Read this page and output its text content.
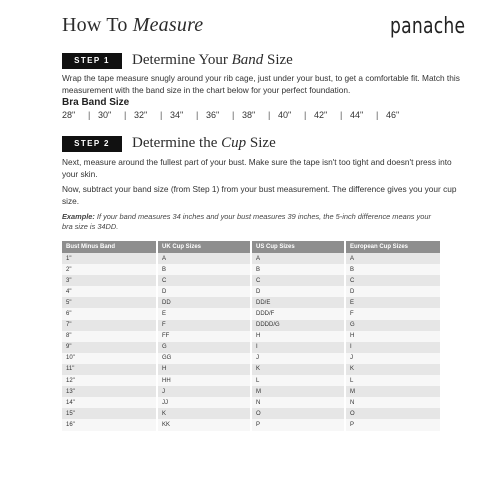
How To Measure	panache
STEP 1	Determine Your Band Size
Wrap the tape measure snugly around your rib cage, just under your bust, to get a comfortable fit. Match this measurement with the band size in the chart below for your perfect foundation.
Bra Band Size
28"	| 30"	| 32"	| 34"	| 36"	| 38"	| 40"	| 42"	| 44"	| 46"
STEP 2	Determine the Cup Size
Next, measure around the fullest part of your bust. Make sure the tape isn't too tight and doesn't press into your skin.
Now, subtract your band size (from Step 1) from your bust measurement. The difference gives you your cup size.
Example: If your band measures 34 inches and your bust measures 39 inches, the 5-inch difference means your bra size is 34DD.
Bust Minus Band	UK Cup Sizes	US Cup Sizes	European Cup Sizes
1"	A	A	A
2"	B	B	B
3"	C	C	C
4"	D	D	D
5"	DD	DD/E	E
6"	E	DDD/F	F
7"	F	DDDD/G	G
8"	FF	H	H
9"	G	I	I
10"	GG	J	J
11"	H	K	K
12"	HH	L	L
13"	J	M	M
14"	JJ	N	N
15"	K	O	O
16"	KK	P	P
